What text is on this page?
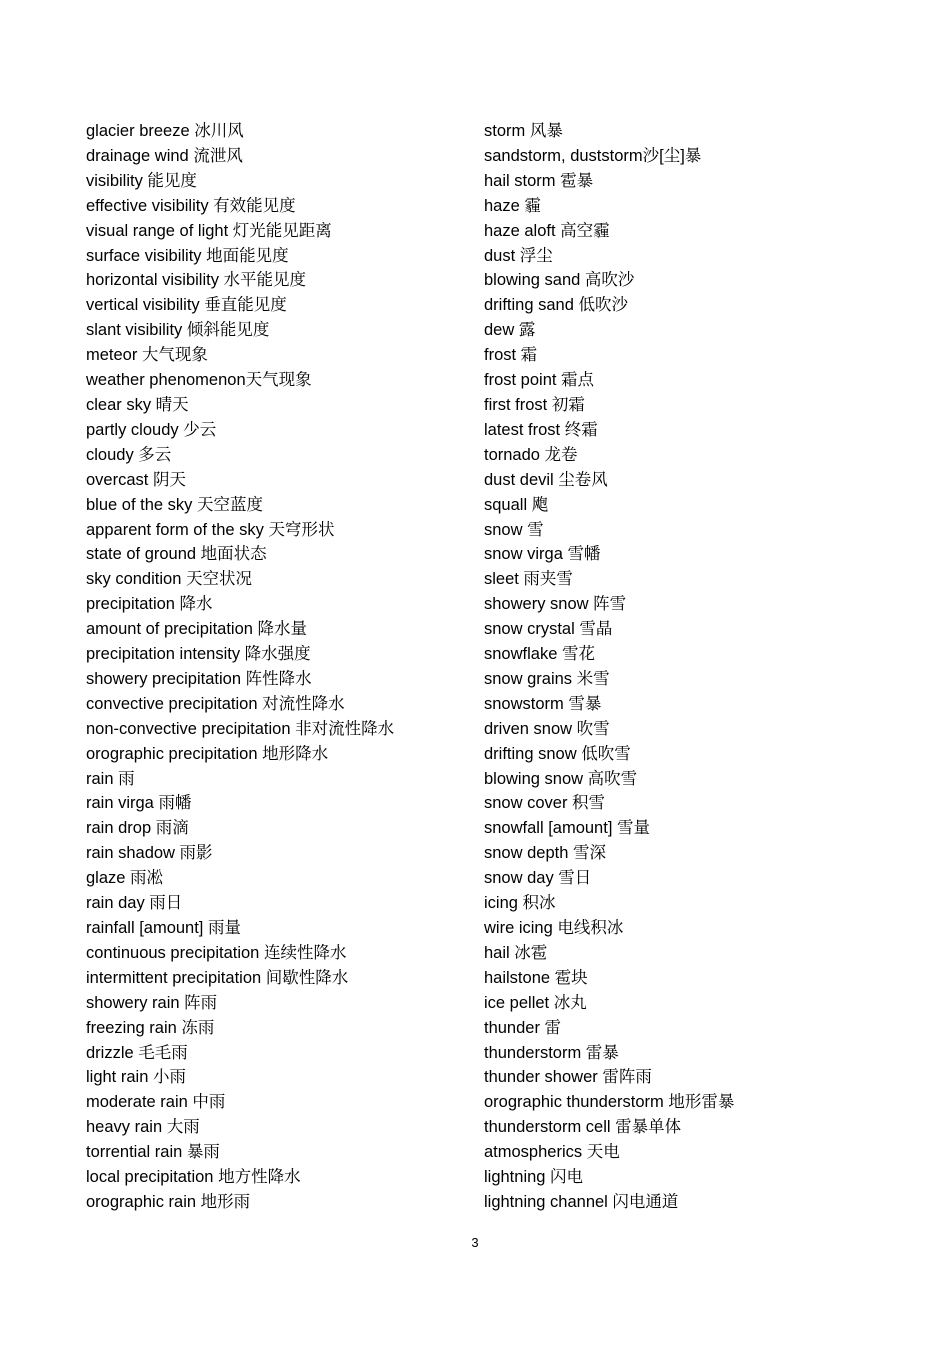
glacier breeze 冰川风
drainage wind 流泄风
visibility 能见度
effective visibility 有效能见度
visual range of light 灯光能见距离
surface visibility 地面能见度
horizontal visibility 水平能见度
vertical visibility 垂直能见度
slant visibility 倾斜能见度
meteor 大气现象
weather phenomenon天气现象
clear sky 晴天
partly cloudy 少云
cloudy 多云
overcast 阴天
blue of the sky 天空蓝度
apparent form of the sky 天穹形状
state of ground 地面状态
sky condition 天空状况
precipitation 降水
amount of precipitation 降水量
precipitation intensity 降水强度
showery precipitation 阵性降水
convective precipitation 对流性降水
non-convective precipitation 非对流性降水
orographic precipitation 地形降水
rain 雨
rain virga 雨幡
rain drop 雨滴
rain shadow 雨影
glaze 雨凇
rain day 雨日
rainfall [amount] 雨量
continuous precipitation 连续性降水
intermittent precipitation 间歇性降水
showery rain 阵雨
freezing rain 冻雨
drizzle 毛毛雨
light rain 小雨
moderate rain 中雨
heavy rain 大雨
torrential rain 暴雨
local precipitation 地方性降水
orographic rain 地形雨
storm 风暴
sandstorm, duststorm沙[尘]暴
hail storm 雹暴
haze 霾
haze aloft 高空霾
dust 浮尘
blowing sand 高吹沙
drifting sand 低吹沙
dew 露
frost 霜
frost point 霜点
first frost 初霜
latest frost 终霜
tornado 龙卷
dust devil 尘卷风
squall 飑
snow 雪
snow virga 雪幡
sleet 雨夹雪
showery snow 阵雪
snow crystal 雪晶
snowflake 雪花
snow grains 米雪
snowstorm 雪暴
driven snow 吹雪
drifting snow 低吹雪
blowing snow 高吹雪
snow cover 积雪
snowfall [amount] 雪量
snow depth 雪深
snow day 雪日
icing 积冰
wire icing 电线积冰
hail 冰雹
hailstone 雹块
ice pellet 冰丸
thunder 雷
thunderstorm 雷暴
thunder shower 雷阵雨
orographic thunderstorm 地形雷暴
thunderstorm cell 雷暴单体
atmospherics 天电
lightning 闪电
lightning channel 闪电通道
3
